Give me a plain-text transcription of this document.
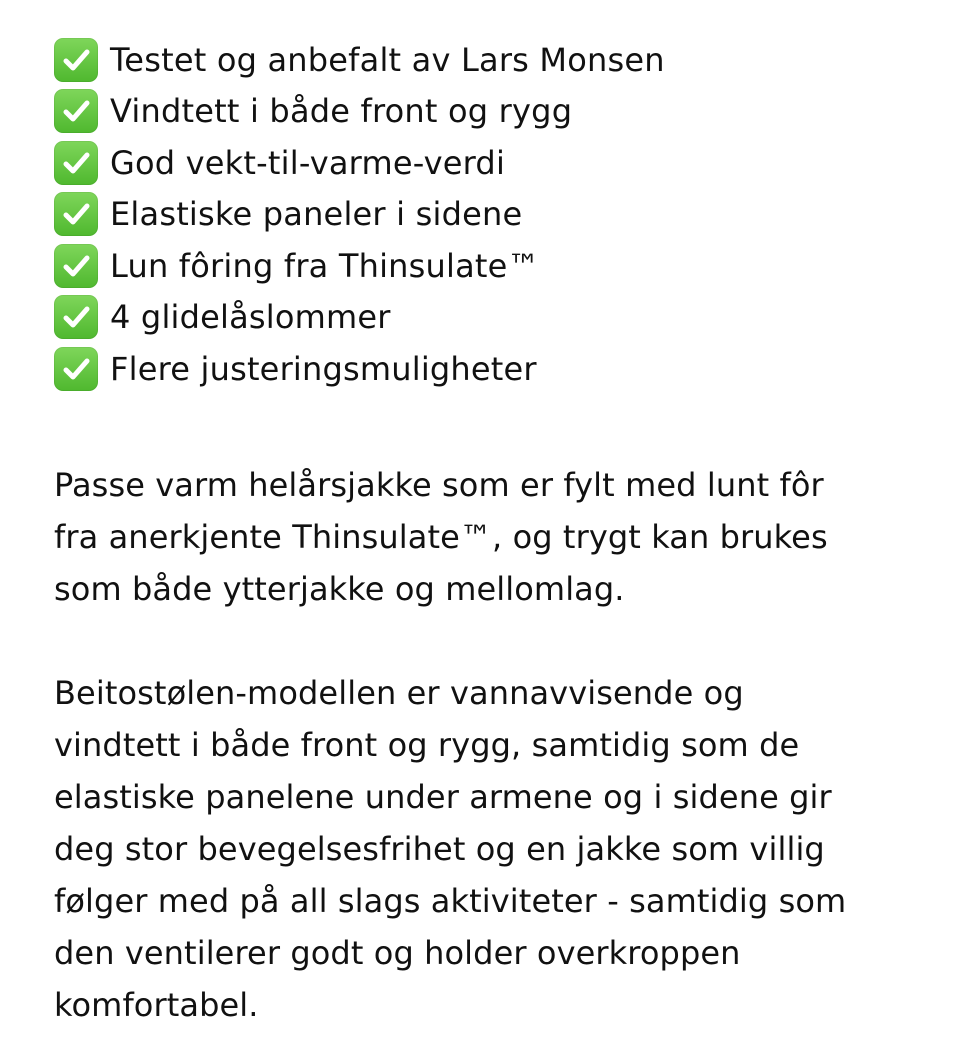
Testet og anbefalt av Lars Monsen
Vindtett i både front og rygg
God vekt-til-varme-verdi
Elastiske paneler i sidene
Lun fôring fra Thinsulate™
4 glidelåslommer
Flere justeringsmuligheter

Passe varm helårsjakke som er fylt med lunt fôr
fra anerkjente Thinsulate™, og trygt kan brukes
som både ytterjakke og mellomlag.

Beitostølen-modellen er vannavvisende og
vindtett i både front og rygg, samtidig som de
elastiske panelene under armene og i sidene gir
deg stor bevegelsesfrihet og en jakke som villig
følger med på all slags aktiviteter - samtidig som
den ventilerer godt og holder overkroppen
komfortabel.
